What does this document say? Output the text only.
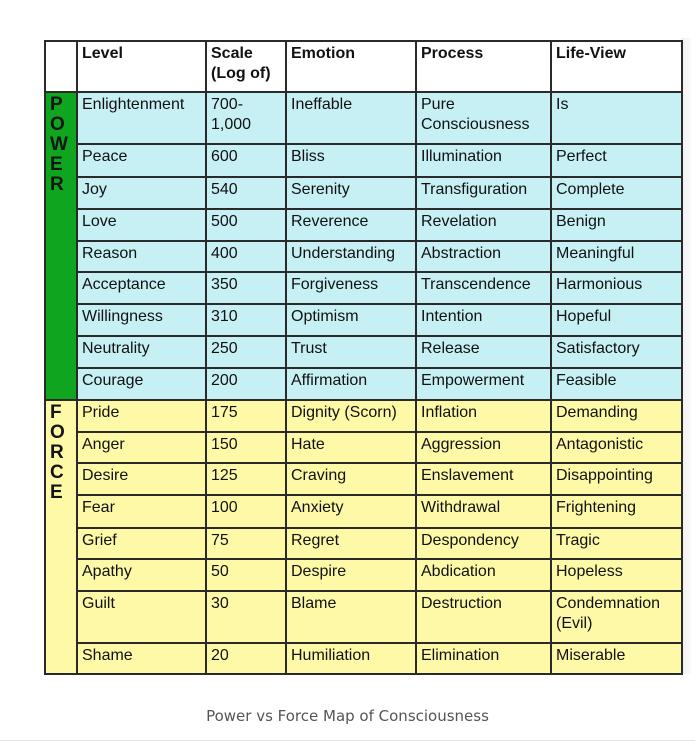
	Level	Scale (Log of)	Emotion	Process	Life-View

P
O
W
E
R	Enlightenment	700-1,000	Ineffable	Pure Consciousness	Is
	Peace	600	Bliss	Illumination	Perfect
	Joy	540	Serenity	Transfiguration	Complete
	Love	500	Reverence	Revelation	Benign
	Reason	400	Understanding	Abstraction	Meaningful
	Acceptance	350	Forgiveness	Transcendence	Harmonious
	Willingness	310	Optimism	Intention	Hopeful
	Neutrality	250	Trust	Release	Satisfactory
	Courage	200	Affirmation	Empowerment	Feasible

F
O
R
C
E	Pride	175	Dignity (Scorn)	Inflation	Demanding
	Anger	150	Hate	Aggression	Antagonistic
	Desire	125	Craving	Enslavement	Disappointing
	Fear	100	Anxiety	Withdrawal	Frightening
	Grief	75	Regret	Despondency	Tragic
	Apathy	50	Despire	Abdication	Hopeless
	Guilt	30	Blame	Destruction	Condemnation (Evil)
	Shame	20	Humiliation	Elimination	Miserable
Power vs Force Map of Consciousness
